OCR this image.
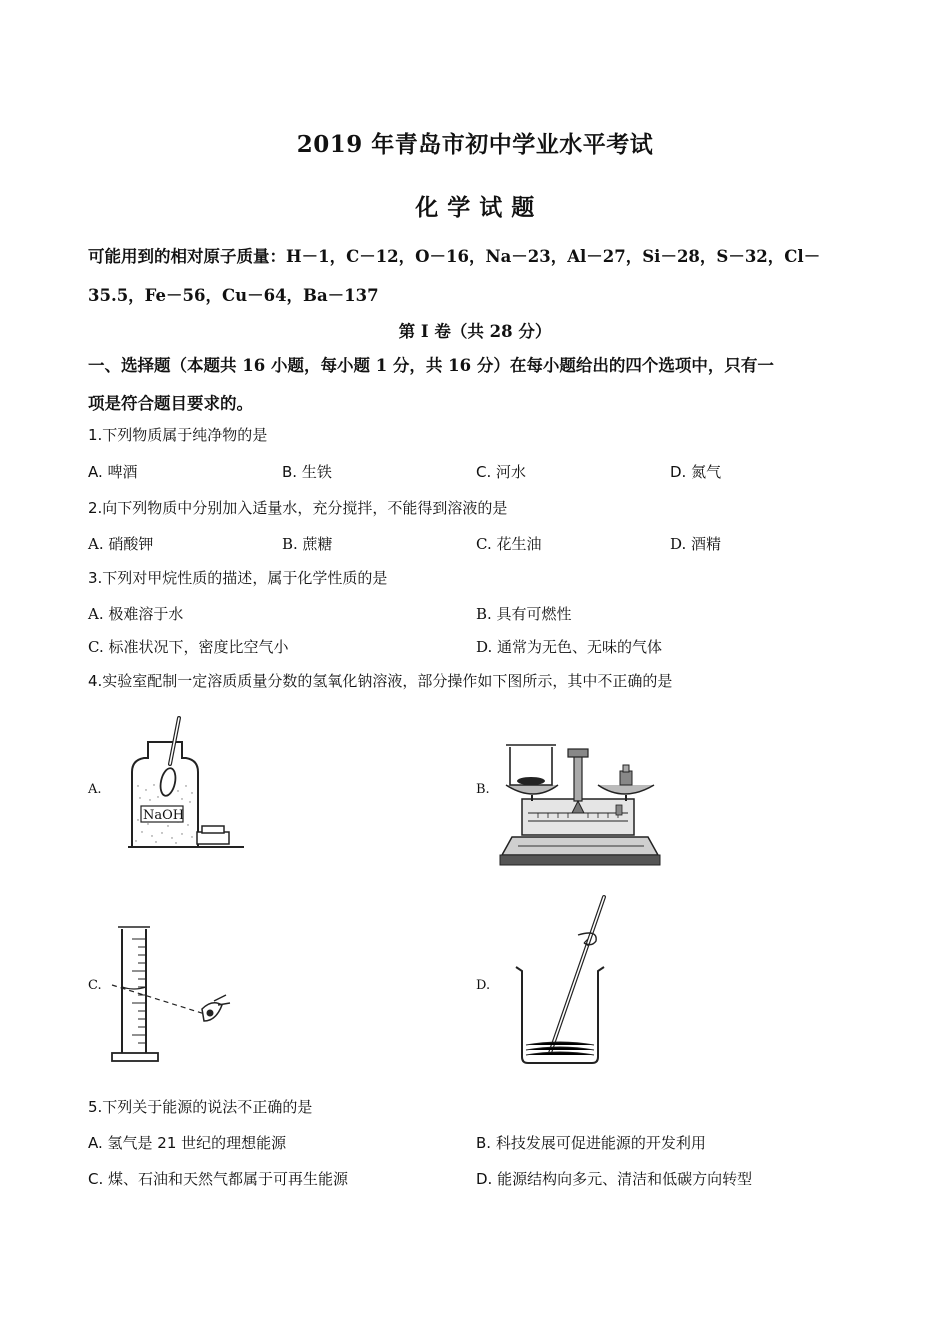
2019 年青岛市初中学业水平考试
化 学 试 题
可能用到的相对原子质量：H－1，C－12，O－16，Na－23，Al－27，Si－28，S－32，Cl－
35.5，Fe－56，Cu－64，Ba－137
第 I 卷（共 28 分）
一、选择题（本题共 16 小题，每小题 1 分，共 16 分）在每小题给出的四个选项中，只有一
项是符合题目要求的。
1.下列物质属于纯净物的是
A. 啤酒	B. 生铁	C. 河水	D. 氮气
2.向下列物质中分别加入适量水，充分搅拌，不能得到溶液的是
A. 硝酸钾	B. 蔗糖	C. 花生油	D. 酒精
3.下列对甲烷性质的描述，属于化学性质的是
A. 极难溶于水	B. 具有可燃性
C. 标准状况下，密度比空气小	D. 通常为无色、无味的气体
4.实验室配制一定溶质质量分数的氢氧化钠溶液，部分操作如下图所示，其中不正确的是
A.	B.
C.	D.
NaOH
5.下列关于能源的说法不正确的是
A. 氢气是 21 世纪的理想能源	B. 科技发展可促进能源的开发利用
C. 煤、石油和天然气都属于可再生能源	D. 能源结构向多元、清洁和低碳方向转型
